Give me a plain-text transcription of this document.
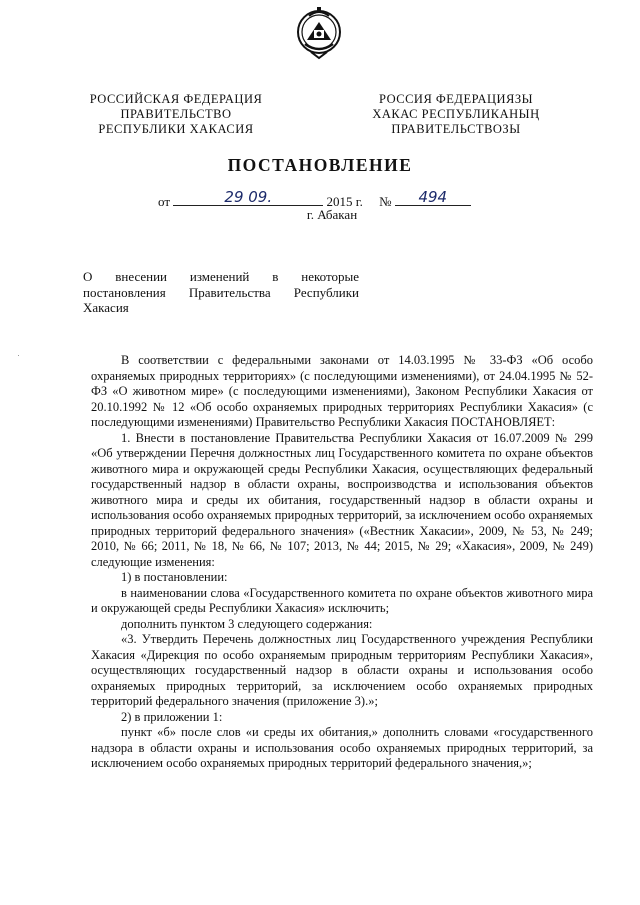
РОССИЙСКАЯ ФЕДЕРАЦИЯ
ПРАВИТЕЛЬСТВО
РЕСПУБЛИКИ ХАКАСИЯ
РОССИЯ ФЕДЕРАЦИЯЗЫ
ХАКАС РЕСПУБЛИКАНЫҢ
ПРАВИТЕЛЬСТВОЗЫ
ПОСТАНОВЛЕНИЕ
от	29 09.	2015 г. №	494
г. Абакан
О внесении изменений в некоторые постановления Правительства Республики Хакасия

В соответствии с федеральными законами от 14.03.1995 № 33-ФЗ «Об особо охраняемых природных территориях» (с последующими изменениями), от 24.04.1995 № 52-ФЗ «О животном мире» (с последующими изменениями), Законом Республики Хакасия от 20.10.1992 № 12 «Об особо охраняемых природных территориях Республики Хакасия» (с последующими изменениями) Правительство Республики Хакасия ПОСТАНОВЛЯЕТ:

1. Внести в постановление Правительства Республики Хакасия от 16.07.2009 № 299 «Об утверждении Перечня должностных лиц Государственного комитета по охране объектов животного мира и окружающей среды Республики Хакасия, осуществляющих федеральный государственный надзор в области охраны, воспроизводства и использования объектов животного мира и среды их обитания, государственный надзор в области охраны и использования особо охраняемых природных территорий, за исключением особо охраняемых природных территорий федерального значения» («Вестник Хакасии», 2009, № 53, № 249; 2010, № 66; 2011, № 18, № 66, № 107; 2013, № 44; 2015, № 29; «Хакасия», 2009, № 249) следующие изменения:

1) в постановлении:

в наименовании слова «Государственного комитета по охране объектов животного мира и окружающей среды Республики Хакасия» исключить;

дополнить пунктом 3 следующего содержания:

«3. Утвердить Перечень должностных лиц Государственного учреждения Республики Хакасия «Дирекция по особо охраняемым природным территориям Республики Хакасия», осуществляющих государственный надзор в области охраны и использования особо охраняемых природных территорий, за исключением особо охраняемых природных территорий федерального значения (приложение 3).»;

2) в приложении 1:

пункт «б» после слов «и среды их обитания,» дополнить словами «государственного надзора в области охраны и использования особо охраняемых природных территорий, за исключением особо охраняемых природных территорий федерального значения,»;
